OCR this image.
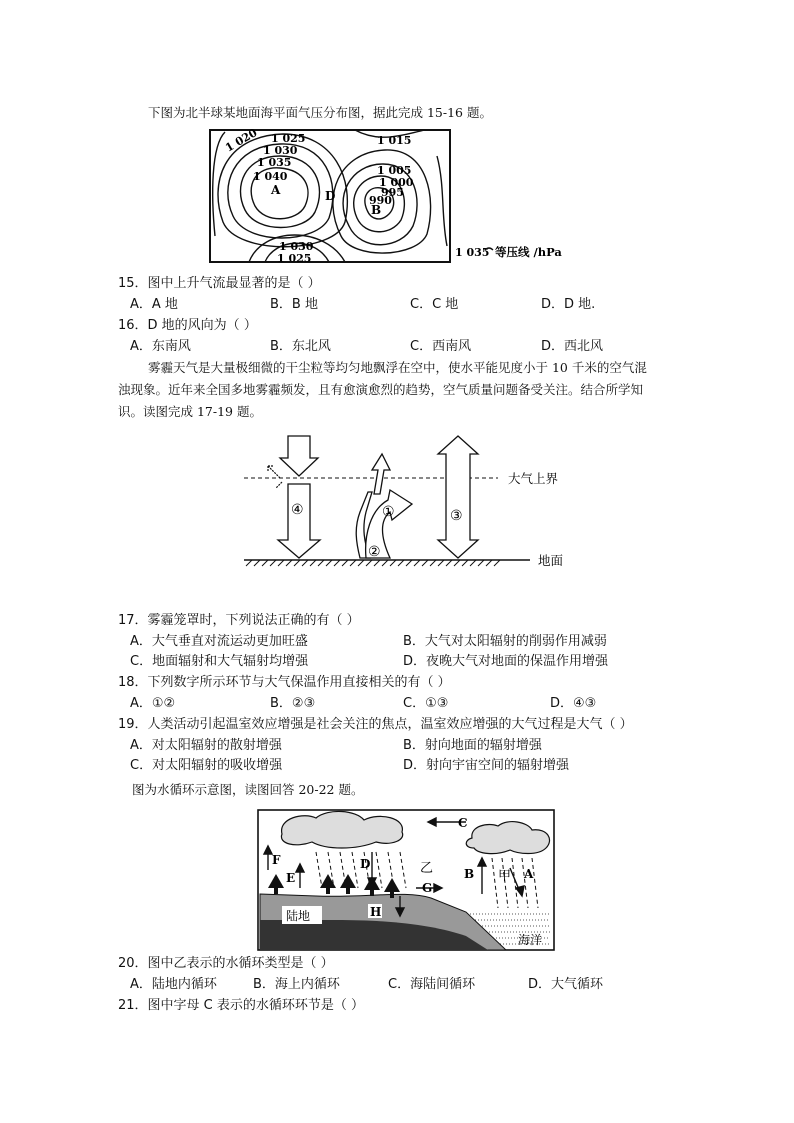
下图为北半球某地面海平面气压分布图，据此完成 15-16 题。
1 020 1 025
1 030
1 035
1 040
A	D
1 015
1 005
1 000
995
990
B
1 030
1 025	1 035 等压线 /hPa
15．图中上升气流最显著的是（ ）
A．A 地	B．B 地	C．C 地	D．D 地.
16．D 地的风向为（ ）
A．东南风	B．东北风	C．西南风	D．西北风
雾霾天气是大量极细微的干尘粒等均匀地飘浮在空中，使水平能见度小于 10 千米的空气混
浊现象。近年来全国多地雾霾频发，且有愈演愈烈的趋势，空气质量问题备受关注。结合所学知
识。读图完成 17-19 题。
大气上界
地面
④	①
②
③
17．雾霾笼罩时，下列说法正确的有（ ）
A．大气垂直对流运动更加旺盛	B．大气对太阳辐射的削弱作用减弱
C．地面辐射和大气辐射均增强	D．夜晚大气对地面的保温作用增强
18．下列数字所示环节与大气保温作用直接相关的有（ ）
A．①②	B．②③	C．①③	D．④③
19．人类活动引起温室效应增强是社会关注的焦点，温室效应增强的大气过程是大气（ ）
A．对太阳辐射的散射增强	B．射向地面的辐射增强
C．对太阳辐射的吸收增强	D．射向宇宙空间的辐射增强
图为水循环示意图，读图回答 20-22 题。
陆地
海洋
C
D	乙
F
E
G
B 甲 A
H
20．图中乙表示的水循环类型是（ ）
A．陆地内循环	B．海上内循环	C．海陆间循环	D．大气循环
21．图中字母 C 表示的水循环环节是（ ）
